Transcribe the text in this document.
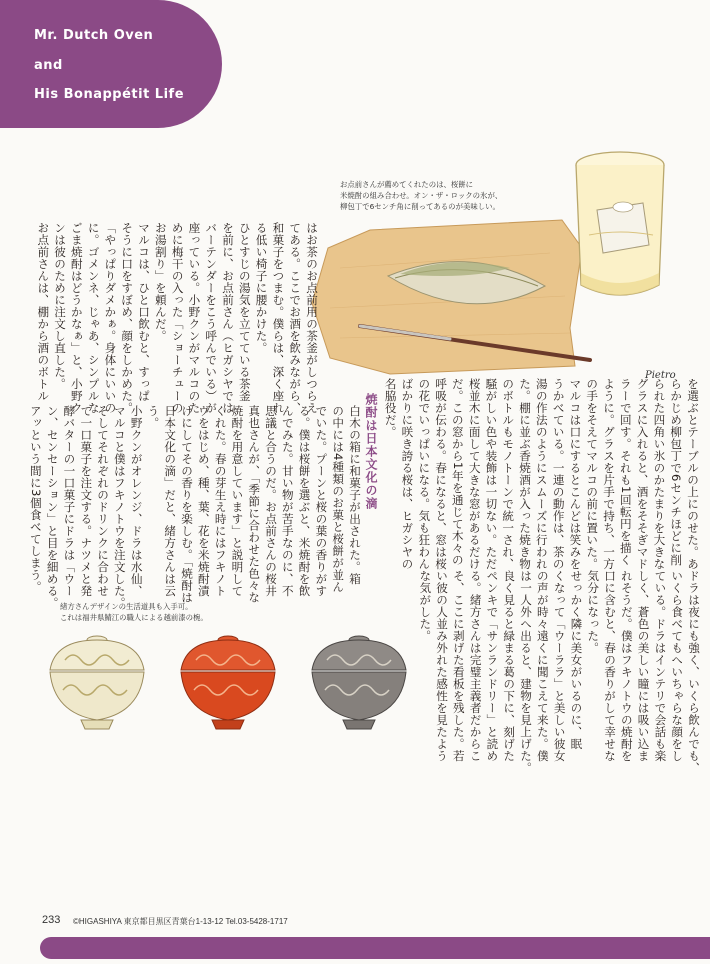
Mr. Dutch Oven
and
His Bonappétit Life
お点前さんが薦めてくれたのは、桜餅に
米焼酎の組み合わせ。オン・ザ・ロックの氷が、
柳包丁で6センチ角に削ってあるのが美味しい。
Pietro
を選ぶとテーブルの上にのせた。あ
らかじめ柳包丁で6センチほどに削
られた四角い氷のかたまりを大きな
グラスに入れると、酒をそそぎマド
ラーで回す。それも1回転円を描く
ように。グラスを片手で持ち、一方
の手をそえてマルコの前に置いた。
マルコは口にするとこんどは笑みを
うかべている。一連の動作は、茶の
湯の作法のようにスムーズに行われ
た。棚に並ぶ香焼酒が入った焼き物
のボトルもモノトーンで統一され、
騒がしい色や装飾は一切ない。ただ
桜並木に面して大きな窓があるだけ
だ。この窓から1年を通じて木々の
呼吸が伝わる。春になると、窓は桜
の花でいっぱいになる。気も狂わん
ばかりに咲き誇る桜は、ヒガシヤの
名脇役だ。
ドラは夜にも強く、いくら飲んでも、
いくら食べてもへいちゃらな顔をし
ている。ドラはインテリで会話も楽
しく、蒼色の美しい瞳には吸い込ま
れそうだ。僕はフキノトウの焼酎を
口に含むと、春の香りがして幸せな
気分になった。
せっかく隣に美女がいるのに、眠
くなって「ウーララ」と美しい彼女
の声が時々遠くに聞こえて来た。僕
は一人外へ出ると、建物を見上げた。
良く見ると緑まる葛の下に、刻げた
ペンキで「サンランドリー」と読め
る。緒方さんは完璧主義者だからこ
そ、ここに剥げた看板を残した。若
い彼の人並み外れた感性を見たよう
な気がした。
焼酎は日本文化の滴
白木の箱に和菓子が出された。箱
の中には4種類のお菓と桜餅が並ん
でいた。プーンと桜の葉の香りがす
る。僕は桜餅を選ぶと、米焼酎を飲
んでみた。甘い物が苦手なのに、不
思議と合うのだ。お点前さんの桜井
真也さんが、「季節に合わせた色々な
焼酎を用意しています」と説明して
くれた。春の芽生え時にはフキノト
ウをはじめ、種、葉、花を米焼酎漬
けにしてその香りを楽しむ。「焼酎は
日本文化の滴」だと、緒方さんは云
う。
小野クンがオレンジ、ドラは水仙、
マルコと僕はフキノトウを注文した。
そしてそれぞれのドリンクに合わせ
て一口菓子を注文する。ナツメと発
酵バターの一口菓子にドラは「ウー
ン、センセーション」と目を細める。
アッという間に3個食べてしまう。
はお茶のお点前用の茶釜がしつらえ
てある。ここでお酒を飲みながら、
和菓子をつまむ。僕らは、深く座れ
る低い椅子に腰かけた。
ひとすじの湯気を立てている茶釜
を前に、お点前さん（ヒガシヤでは
バーテンダーをこう呼んでいる）が
座っている。小野クンがマルコのた
めに梅干の入った「ショーチューの
お湯割り」を頼んだ。
マルコは、ひと口飲むと、すっぱ
そうに口をすぼめ、顔をしかめた。
「やっぱりダメかぁ。身体にいいの
に。ゴメンネ、じゃあ、シンプルな
ごま焼酎はどうかなぁ」と、小野ク
ンは彼のために注文し直した。
お点前さんは、棚から酒のボトル
緒方さんデザインの生活道具も入手可。
これは福井県鯖江の職人による越前漆の椀。
233 ©HIGASHIYA 東京都目黒区青葉台1-13-12 Tel.03-5428-1717
